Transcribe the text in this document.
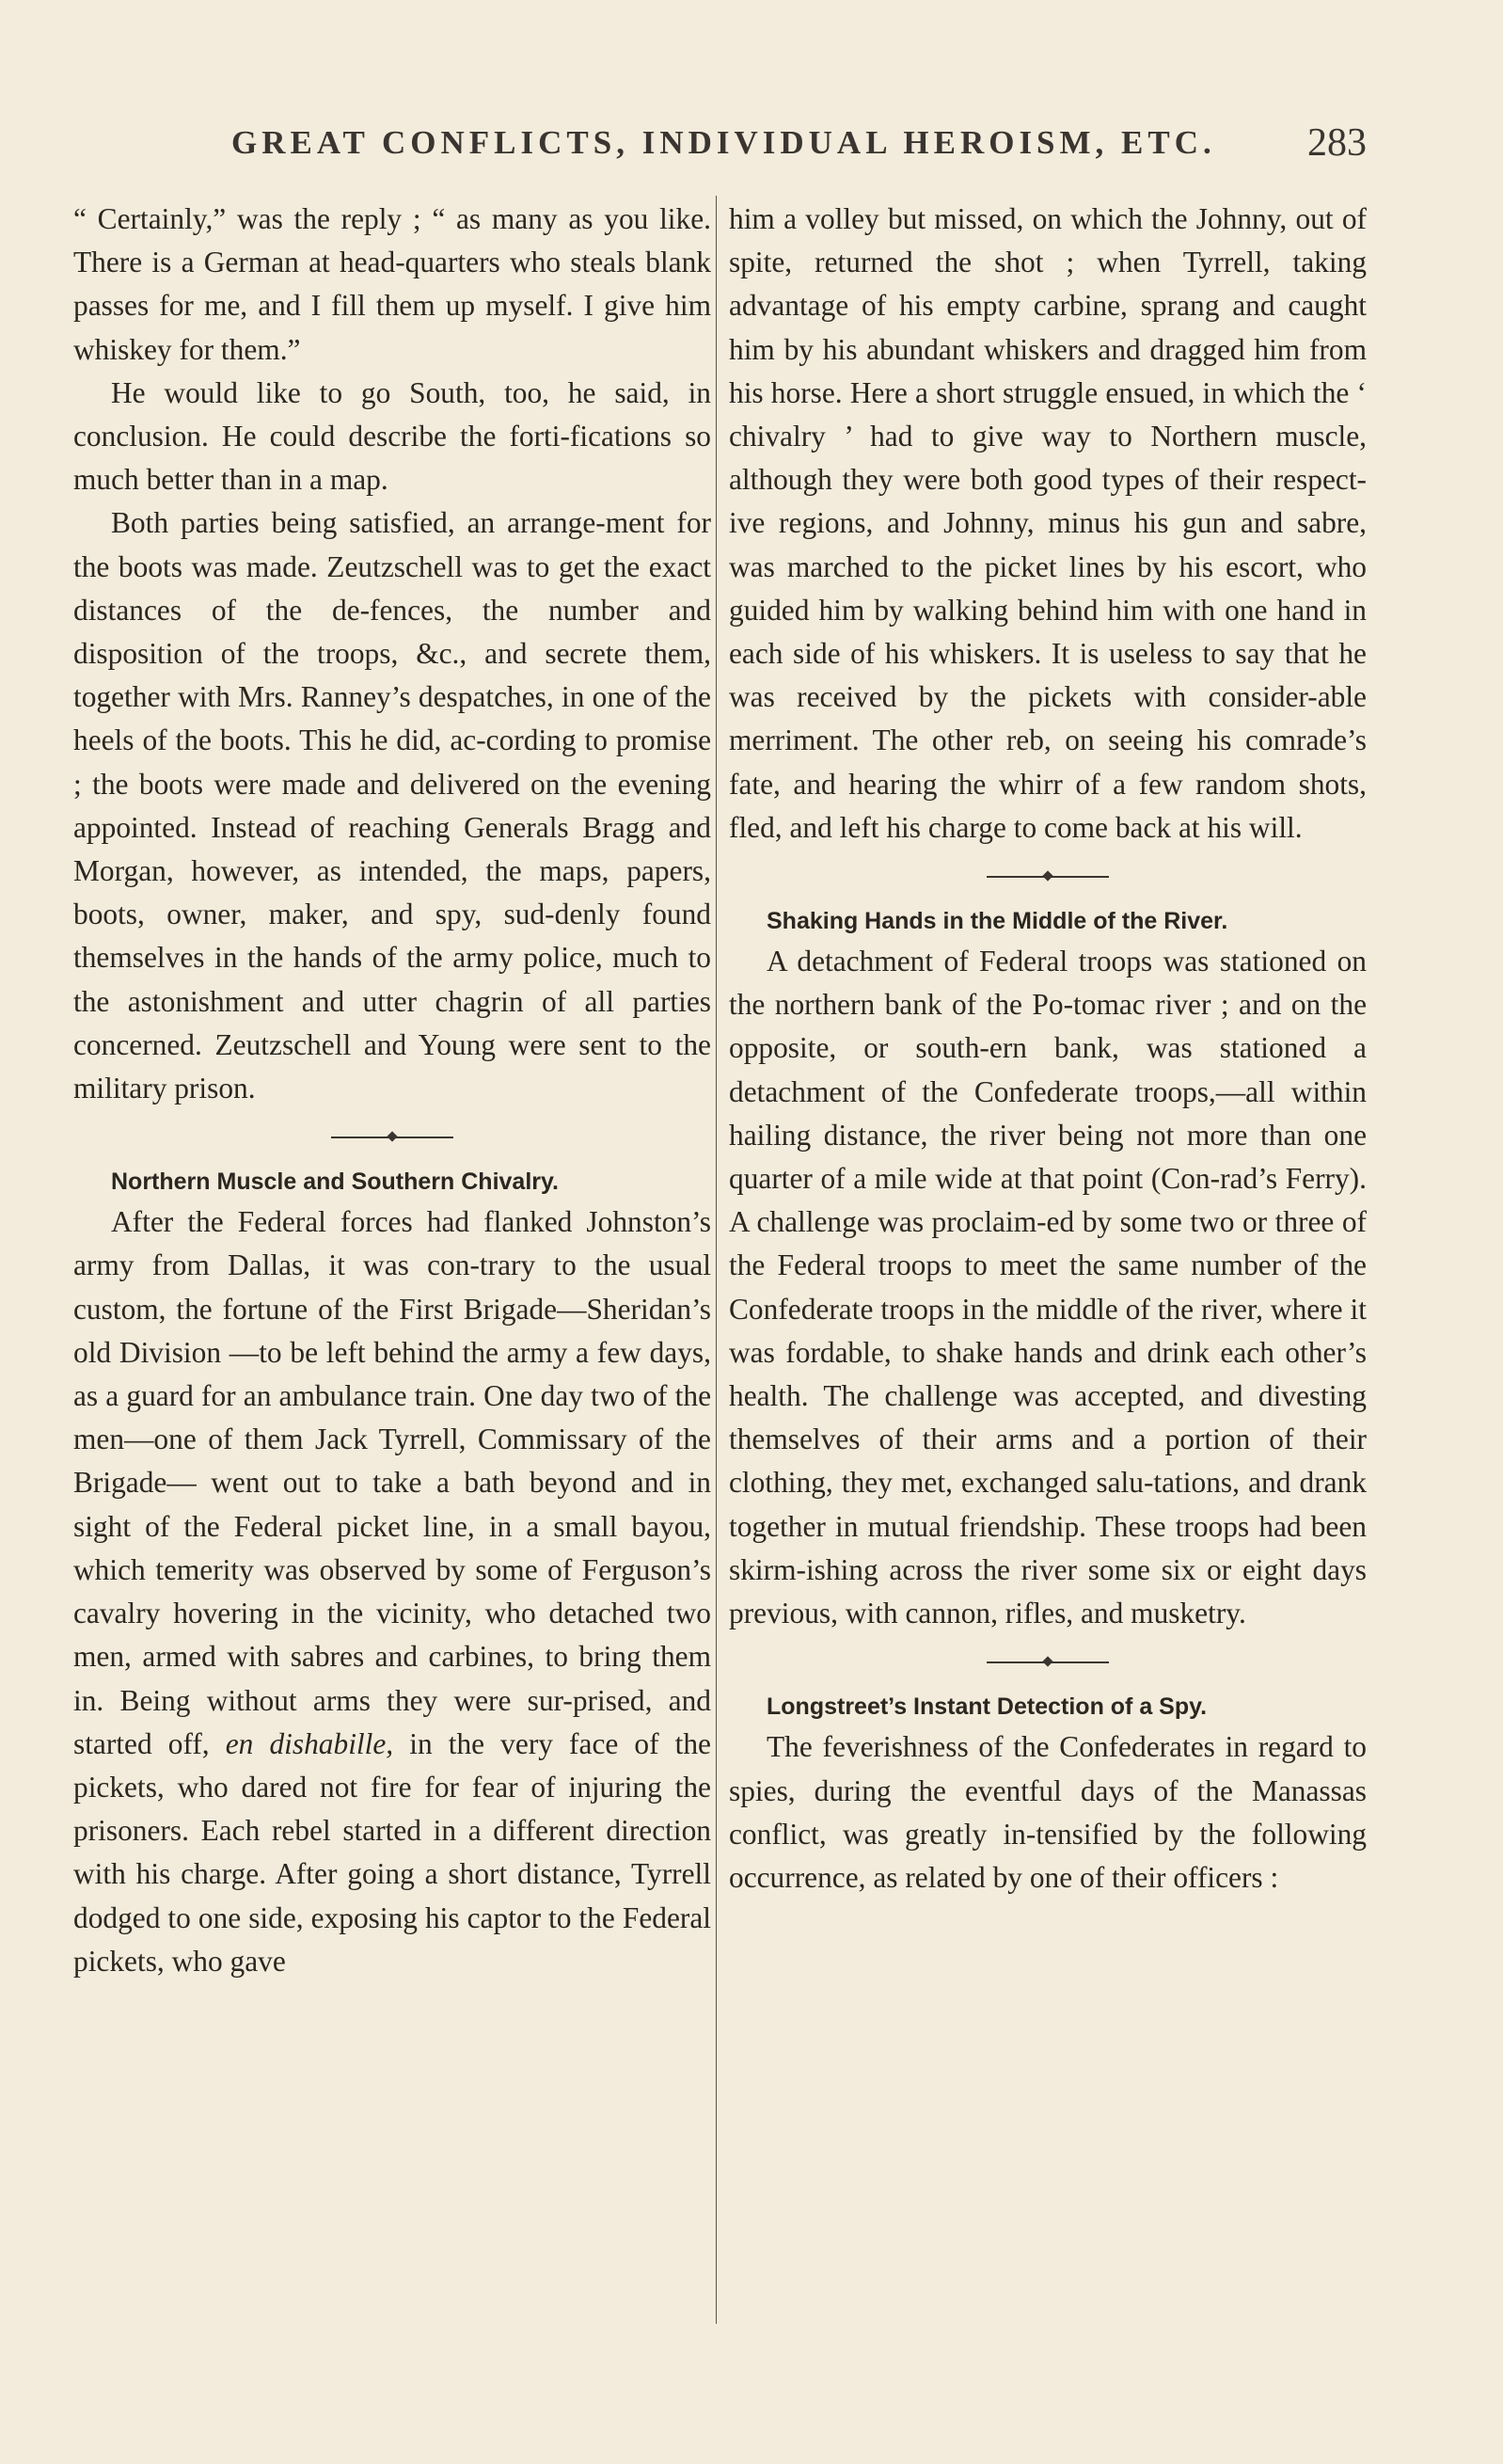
GREAT CONFLICTS, INDIVIDUAL HEROISM, ETC. 283

“ Certainly,” was the reply ; “ as many as you like. There is a German at head-quarters who steals blank passes for me, and I fill them up myself. I give him whiskey for them.”

He would like to go South, too, he said, in conclusion. He could describe the forti-fications so much better than in a map.

Both parties being satisfied, an arrange-ment for the boots was made. Zeutzschell was to get the exact distances of the de-fences, the number and disposition of the troops, &c., and secrete them, together with Mrs. Ranney’s despatches, in one of the heels of the boots. This he did, ac-cording to promise ; the boots were made and delivered on the evening appointed. Instead of reaching Generals Bragg and Morgan, however, as intended, the maps, papers, boots, owner, maker, and spy, sud-denly found themselves in the hands of the army police, much to the astonishment and utter chagrin of all parties concerned. Zeutzschell and Young were sent to the military prison.

Northern Muscle and Southern Chivalry.

After the Federal forces had flanked Johnston’s army from Dallas, it was con-trary to the usual custom, the fortune of the First Brigade—Sheridan’s old Division —to be left behind the army a few days, as a guard for an ambulance train. One day two of the men—one of them Jack Tyrrell, Commissary of the Brigade— went out to take a bath beyond and in sight of the Federal picket line, in a small bayou, which temerity was observed by some of Ferguson’s cavalry hovering in the vicinity, who detached two men, armed with sabres and carbines, to bring them in. Being without arms they were sur-prised, and started off, en dishabille, in the very face of the pickets, who dared not fire for fear of injuring the prisoners. Each rebel started in a different direction with his charge. After going a short distance, Tyrrell dodged to one side, exposing his captor to the Federal pickets, who gave

him a volley but missed, on which the Johnny, out of spite, returned the shot ; when Tyrrell, taking advantage of his empty carbine, sprang and caught him by his abundant whiskers and dragged him from his horse. Here a short struggle ensued, in which the ‘ chivalry ’ had to give way to Northern muscle, although they were both good types of their respect-ive regions, and Johnny, minus his gun and sabre, was marched to the picket lines by his escort, who guided him by walking behind him with one hand in each side of his whiskers. It is useless to say that he was received by the pickets with consider-able merriment. The other reb, on seeing his comrade’s fate, and hearing the whirr of a few random shots, fled, and left his charge to come back at his will.

Shaking Hands in the Middle of the River.

A detachment of Federal troops was stationed on the northern bank of the Po-tomac river ; and on the opposite, or south-ern bank, was stationed a detachment of the Confederate troops,—all within hailing distance, the river being not more than one quarter of a mile wide at that point (Con-rad’s Ferry). A challenge was proclaim-ed by some two or three of the Federal troops to meet the same number of the Confederate troops in the middle of the river, where it was fordable, to shake hands and drink each other’s health. The challenge was accepted, and divesting themselves of their arms and a portion of their clothing, they met, exchanged salu-tations, and drank together in mutual friendship. These troops had been skirm-ishing across the river some six or eight days previous, with cannon, rifles, and musketry.

Longstreet’s Instant Detection of a Spy.

The feverishness of the Confederates in regard to spies, during the eventful days of the Manassas conflict, was greatly in-tensified by the following occurrence, as related by one of their officers :
